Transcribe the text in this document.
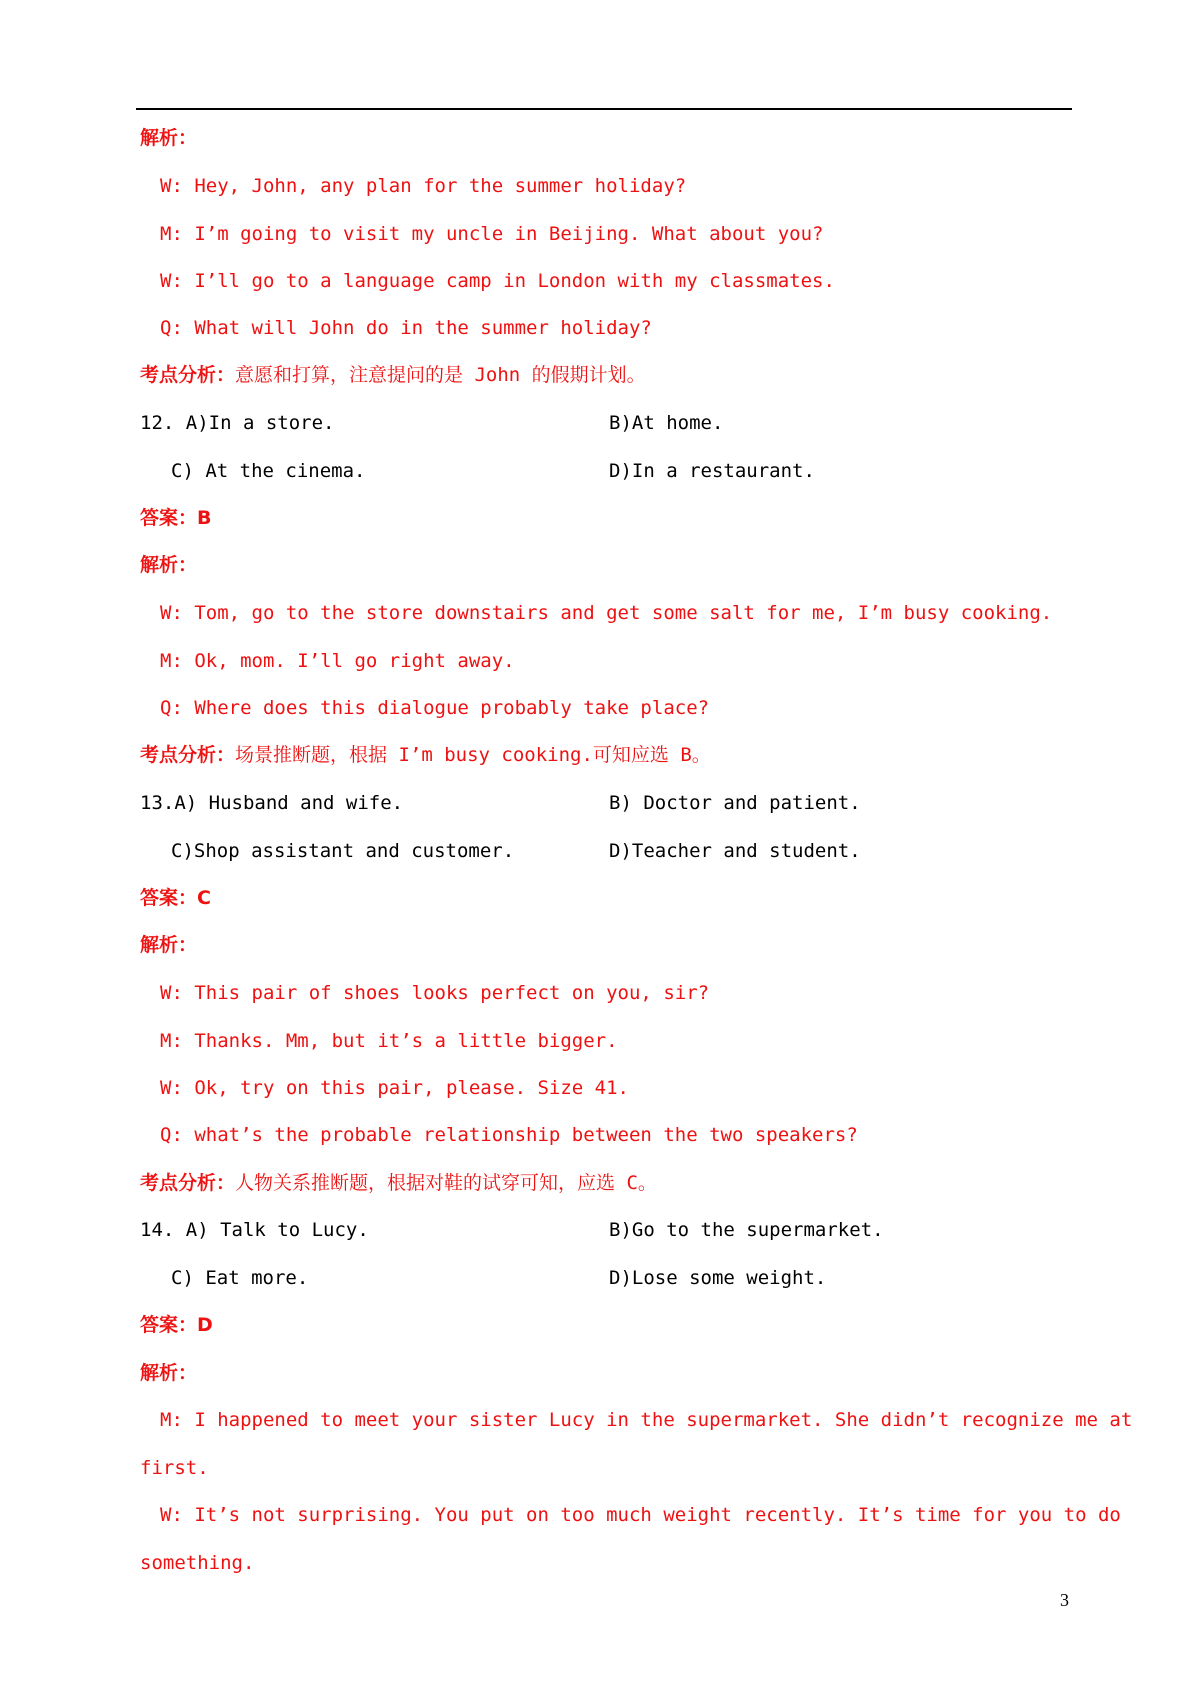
解析：
W: Hey, John, any plan for the summer holiday?
M: I’m going to visit my uncle in Beijing. What about you?
W: I’ll go to a language camp in London with my classmates.
Q: What will John do in the summer holiday?
考点分析：意愿和打算，注意提问的是 John 的假期计划。
12. A)In a store.	B)At home.
C) At the cinema.	D)In a restaurant.
答案：B
解析：
W: Tom, go to the store downstairs and get some salt for me, I’m busy cooking.
M: Ok, mom. I’ll go right away.
Q: Where does this dialogue probably take place?
考点分析：场景推断题，根据 I’m busy cooking.可知应选 B。
13.A) Husband and wife.	B) Doctor and patient.
C)Shop assistant and customer.	D)Teacher and student.
答案：C
解析：
W: This pair of shoes looks perfect on you, sir?
M: Thanks. Mm, but it’s a little bigger.
W: Ok, try on this pair, please. Size 41.
Q: what’s the probable relationship between the two speakers?
考点分析：人物关系推断题，根据对鞋的试穿可知，应选 C。
14. A) Talk to Lucy.	B)Go to the supermarket.
C) Eat more.	D)Lose some weight.
答案：D
解析：
M: I happened to meet your sister Lucy in the supermarket. She didn’t recognize me at
first.
W: It’s not surprising. You put on too much weight recently. It’s time for you to do
something.
3
